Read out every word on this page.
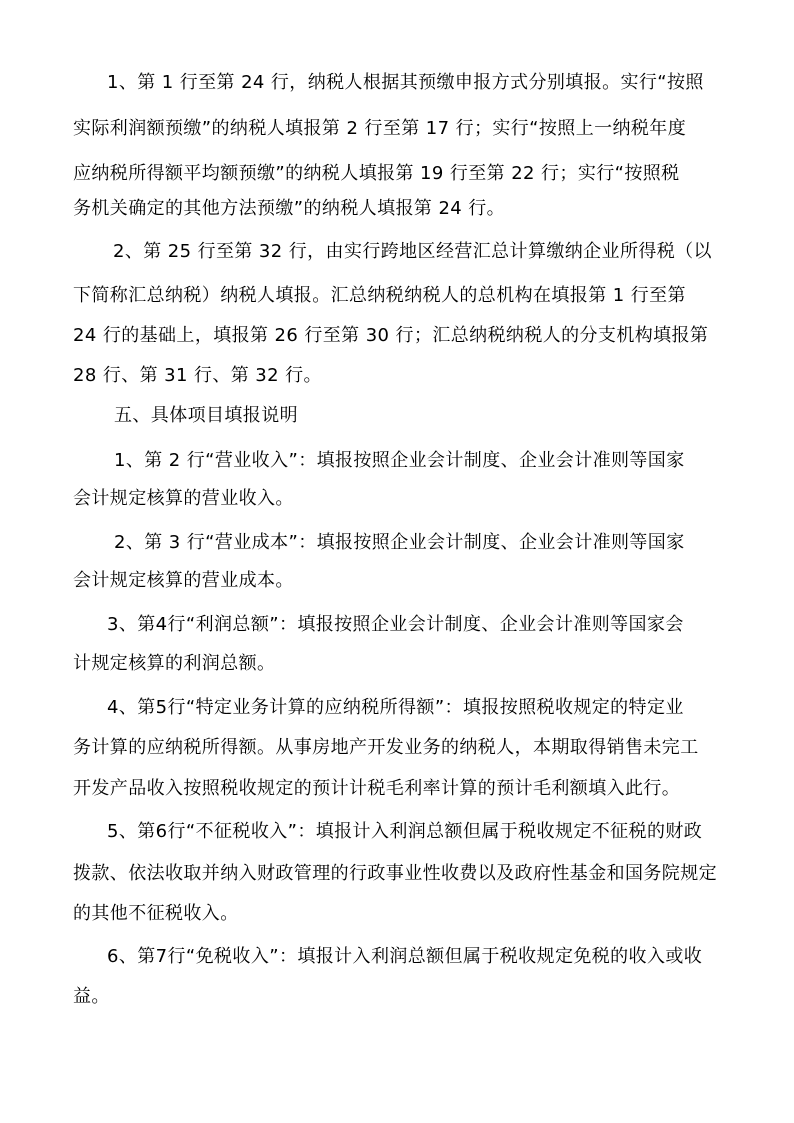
1、第 1 行至第 24 行，纳税人根据其预缴申报方式分别填报。实行“按照
实际利润额预缴”的纳税人填报第 2 行至第 17 行；实行“按照上一纳税年度
应纳税所得额平均额预缴”的纳税人填报第 19 行至第 22 行；实行“按照税
务机关确定的其他方法预缴”的纳税人填报第 24 行。
2、第 25 行至第 32 行，由实行跨地区经营汇总计算缴纳企业所得税（以
下简称汇总纳税）纳税人填报。汇总纳税纳税人的总机构在填报第 1 行至第
24 行的基础上，填报第 26 行至第 30 行；汇总纳税纳税人的分支机构填报第
28 行、第 31 行、第 32 行。
五、具体项目填报说明
1、第 2 行“营业收入”：填报按照企业会计制度、企业会计准则等国家
会计规定核算的营业收入。
2、第 3 行“营业成本”：填报按照企业会计制度、企业会计准则等国家
会计规定核算的营业成本。
3、第4行“利润总额”：填报按照企业会计制度、企业会计准则等国家会
计规定核算的利润总额。
4、第5行“特定业务计算的应纳税所得额”：填报按照税收规定的特定业
务计算的应纳税所得额。从事房地产开发业务的纳税人，本期取得销售未完工
开发产品收入按照税收规定的预计计税毛利率计算的预计毛利额填入此行。
5、第6行“不征税收入”：填报计入利润总额但属于税收规定不征税的财政
拨款、依法收取并纳入财政管理的行政事业性收费以及政府性基金和国务院规定
的其他不征税收入。
6、第7行“免税收入”：填报计入利润总额但属于税收规定免税的收入或收
益。
